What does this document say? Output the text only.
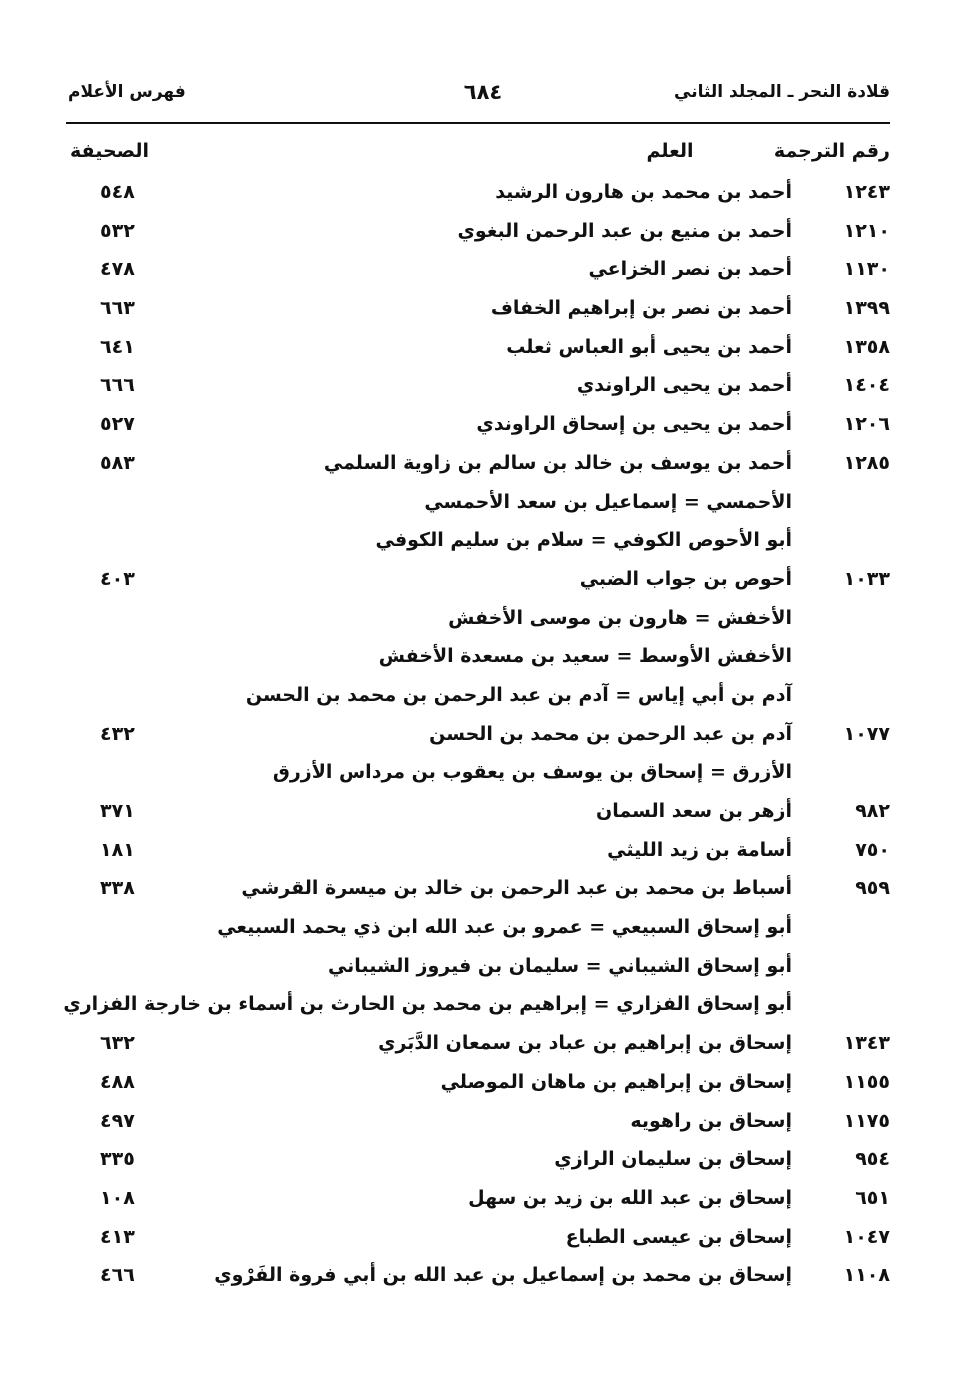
قلادة النحر ـ المجلد الثاني
٦٨٤
فهرس الأعلام
رقم الترجمة
العلم
الصحيفة
١٢٤٣
أحمد بن محمد بن هارون الرشيد
٥٤٨
١٢١٠
أحمد بن منيع بن عبد الرحمن البغوي
٥٣٢
١١٣٠
أحمد بن نصر الخزاعي
٤٧٨
١٣٩٩
أحمد بن نصر بن إبراهيم الخفاف
٦٦٣
١٣٥٨
أحمد بن يحيى أبو العباس ثعلب
٦٤١
١٤٠٤
أحمد بن يحيى الراوندي
٦٦٦
١٢٠٦
أحمد بن يحيى بن إسحاق الراوندي
٥٢٧
١٢٨٥
أحمد بن يوسف بن خالد بن سالم بن زاوية السلمي
٥٨٣
الأحمسي = إسماعيل بن سعد الأحمسي
أبو الأحوص الكوفي = سلام بن سليم الكوفي
١٠٣٣
أحوص بن جواب الضبي
٤٠٣
الأخفش = هارون بن موسى الأخفش
الأخفش الأوسط = سعيد بن مسعدة الأخفش
آدم بن أبي إياس = آدم بن عبد الرحمن بن محمد بن الحسن
١٠٧٧
آدم بن عبد الرحمن بن محمد بن الحسن
٤٣٢
الأزرق = إسحاق بن يوسف بن يعقوب بن مرداس الأزرق
٩٨٢
أزهر بن سعد السمان
٣٧١
٧٥٠
أسامة بن زيد الليثي
١٨١
٩٥٩
أسباط بن محمد بن عبد الرحمن بن خالد بن ميسرة القرشي
٣٣٨
أبو إسحاق السبيعي = عمرو بن عبد الله ابن ذي يحمد السبيعي
أبو إسحاق الشيباني = سليمان بن فيروز الشيباني
أبو إسحاق الفزاري = إبراهيم بن محمد بن الحارث بن أسماء بن خارجة الفزاري
١٣٤٣
إسحاق بن إبراهيم بن عباد بن سمعان الدَّبَري
٦٣٢
١١٥٥
إسحاق بن إبراهيم بن ماهان الموصلي
٤٨٨
١١٧٥
إسحاق بن راهويه
٤٩٧
٩٥٤
إسحاق بن سليمان الرازي
٣٣٥
٦٥١
إسحاق بن عبد الله بن زيد بن سهل
١٠٨
١٠٤٧
إسحاق بن عيسى الطباع
٤١٣
١١٠٨
إسحاق بن محمد بن إسماعيل بن عبد الله بن أبي فروة الفَرْوي
٤٦٦
